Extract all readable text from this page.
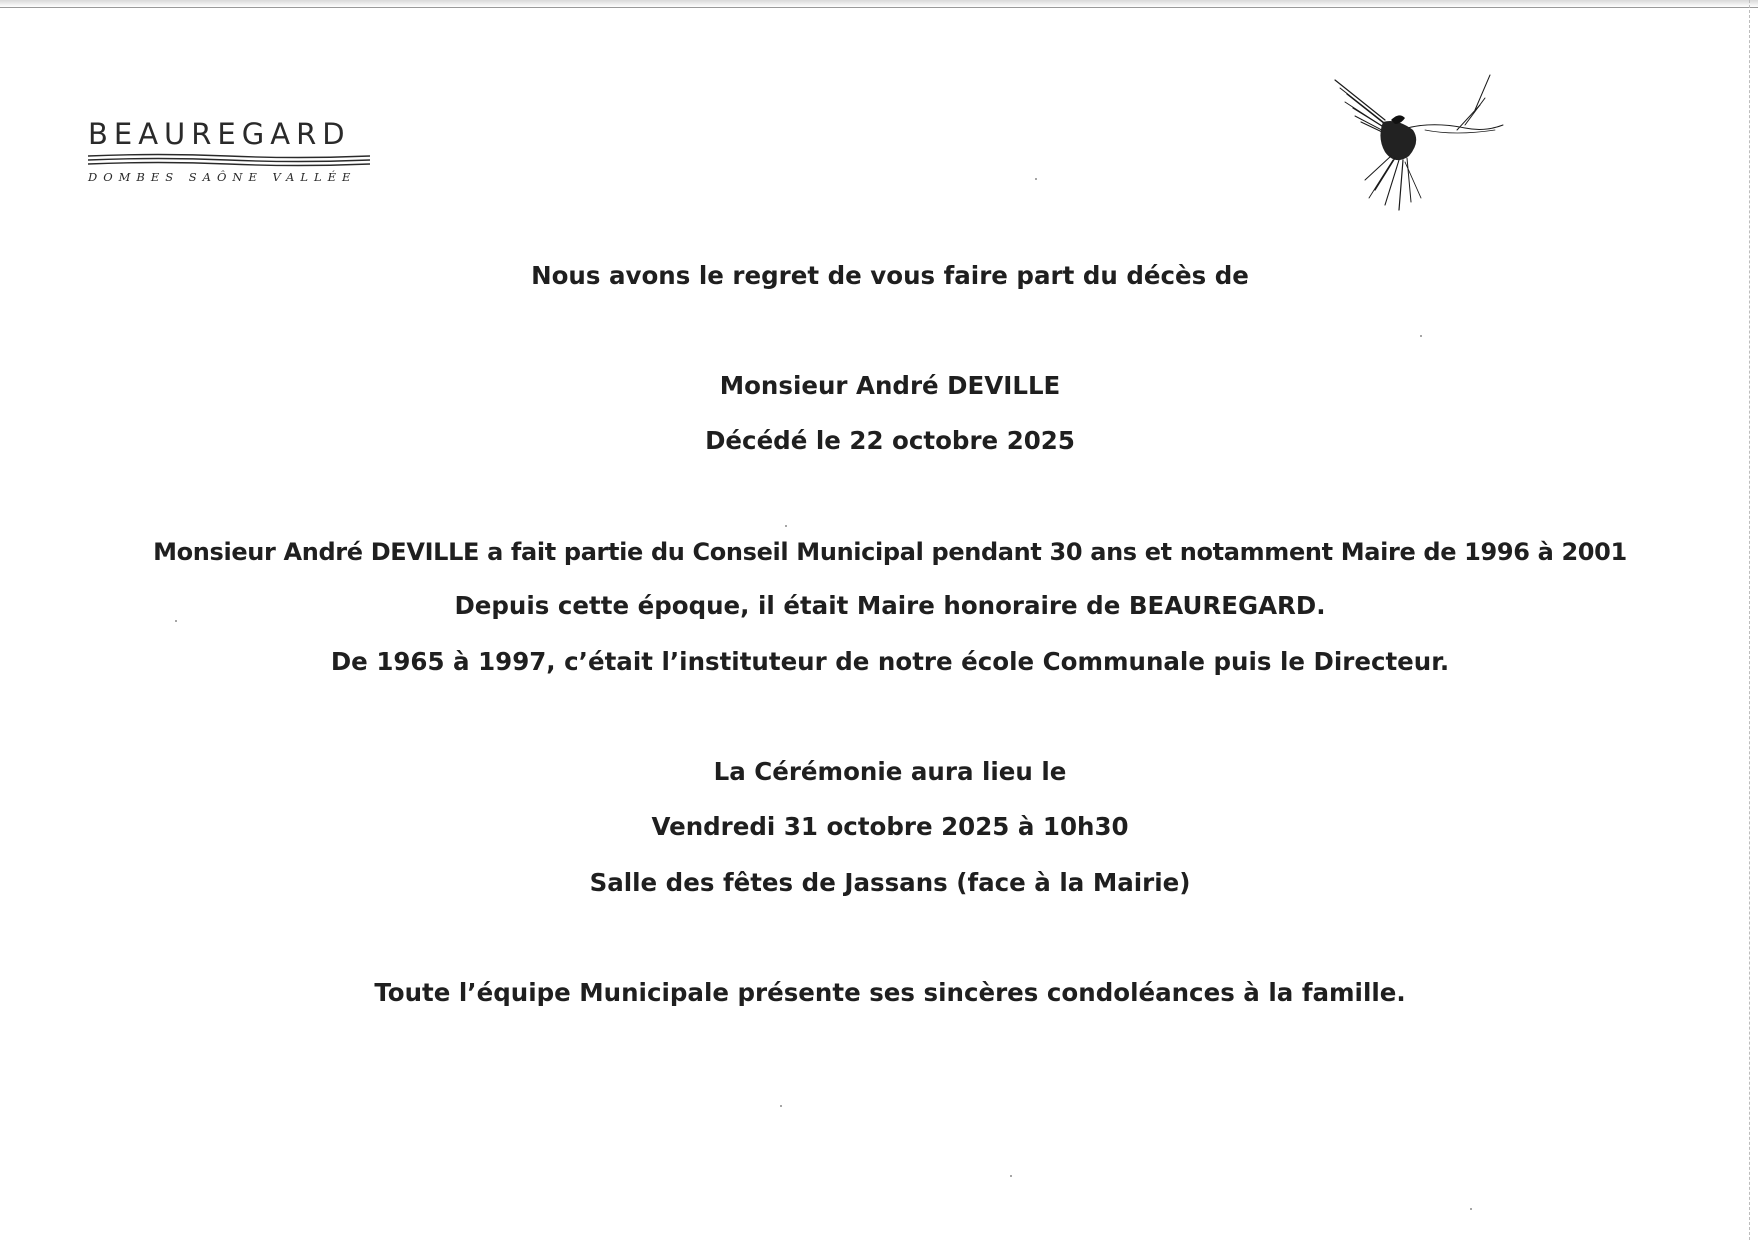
BEAUREGARD
DOMBES SAÔNE VALLÉE
Nous avons le regret de vous faire part du décès de
Monsieur André DEVILLE
Décédé le 22 octobre 2025
Monsieur André DEVILLE a fait partie du Conseil Municipal pendant 30 ans et notamment Maire de 1996 à 2001
Depuis cette époque, il était Maire honoraire de BEAUREGARD.
De 1965 à 1997, c’était l’instituteur de notre école Communale puis le Directeur.
La Cérémonie aura lieu le
Vendredi 31 octobre 2025 à 10h30
Salle des fêtes de Jassans (face à la Mairie)
Toute l’équipe Municipale présente ses sincères condoléances à la famille.
